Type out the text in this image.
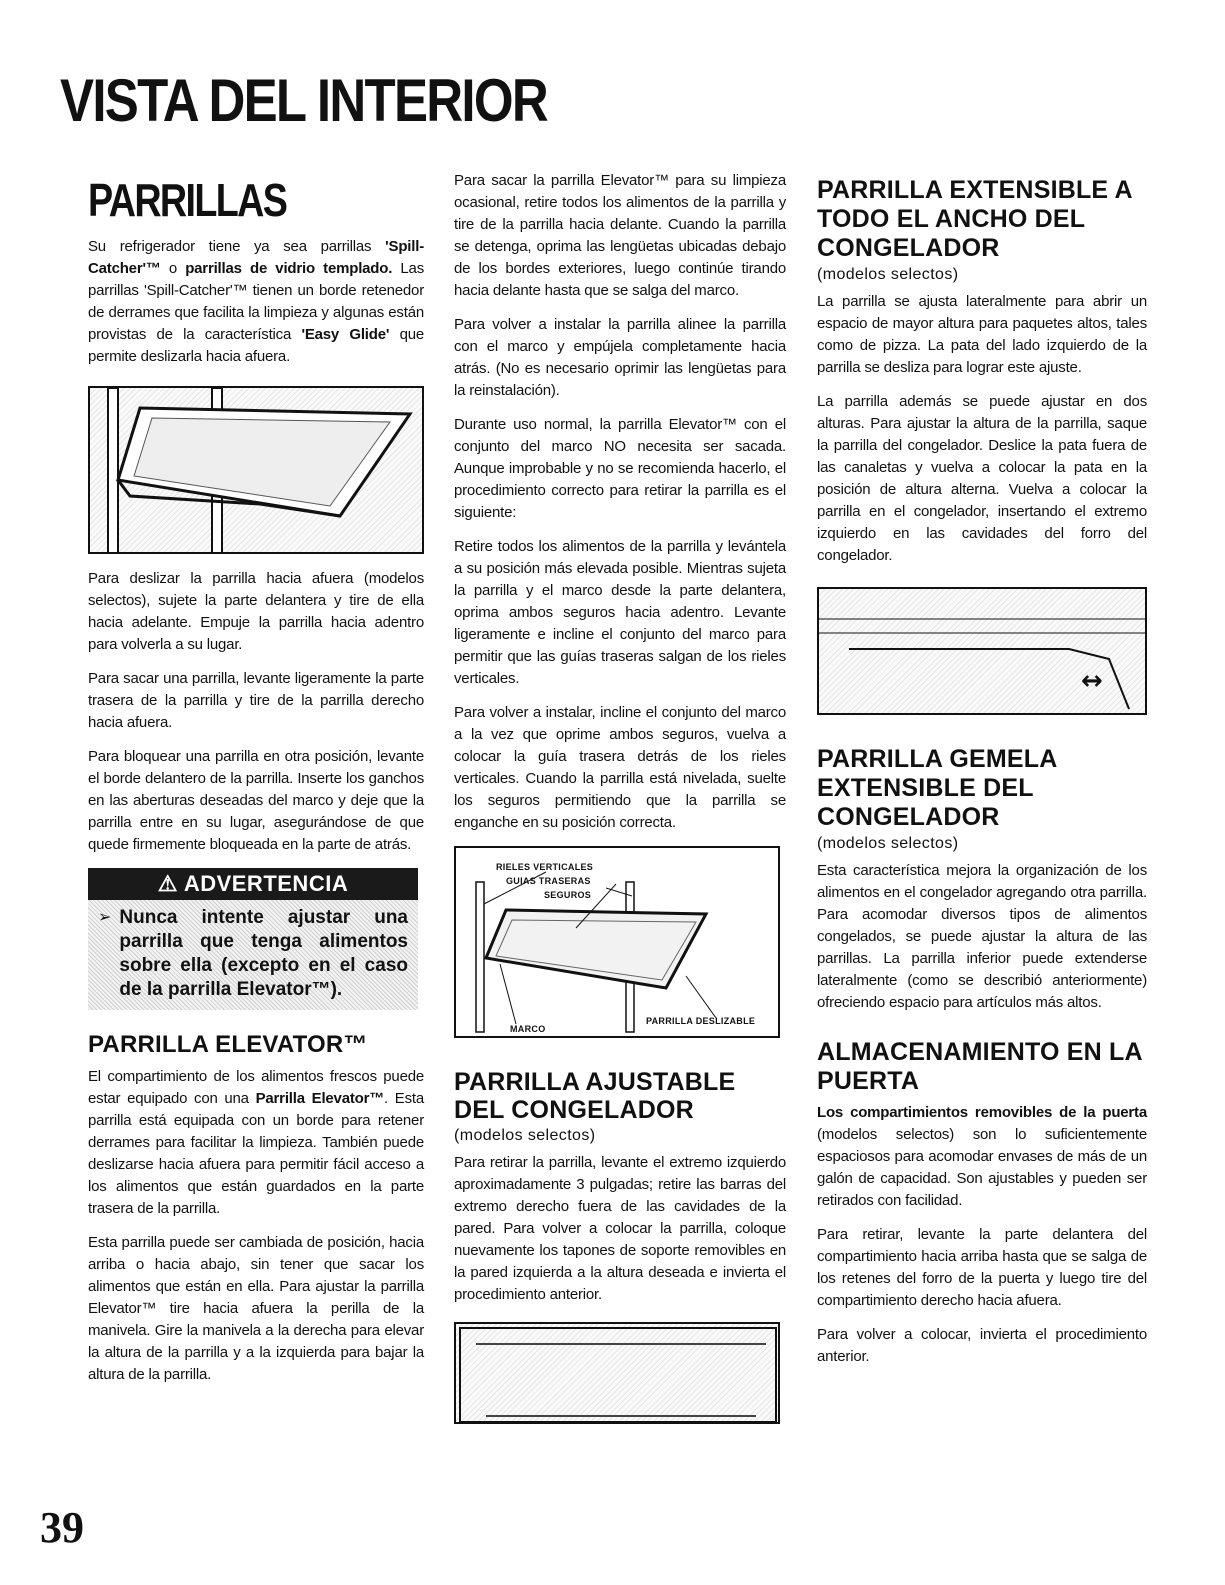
VISTA DEL INTERIOR
PARRILLAS

Su refrigerador tiene ya sea parrillas 'Spill-Catcher'™ o parrillas de vidrio templado. Las parrillas 'Spill-Catcher'™ tienen un borde retenedor de derrames que facilita la limpieza y algunas están provistas de la característica 'Easy Glide' que permite deslizarla hacia afuera.

Para deslizar la parrilla hacia afuera (modelos selectos), sujete la parte delantera y tire de ella hacia adelante. Empuje la parrilla hacia adentro para volverla a su lugar.

Para sacar una parrilla, levante ligeramente la parte trasera de la parrilla y tire de la parrilla derecho hacia afuera.

Para bloquear una parrilla en otra posición, levante el borde delantero de la parrilla. Inserte los ganchos en las aberturas deseadas del marco y deje que la parrilla entre en su lugar, asegurándose de que quede firmemente bloqueada en la parte de atrás.

⚠ ADVERTENCIA
➢ Nunca intente ajustar una parrilla que tenga alimentos sobre ella (excepto en el caso de la parrilla Elevator™).
PARRILLA ELEVATOR™

El compartimiento de los alimentos frescos puede estar equipado con una Parrilla Elevator™. Esta parrilla está equipada con un borde para retener derrames para facilitar la limpieza. También puede deslizarse hacia afuera para permitir fácil acceso a los alimentos que están guardados en la parte trasera de la parrilla.

Esta parrilla puede ser cambiada de posición, hacia arriba o hacia abajo, sin tener que sacar los alimentos que están en ella. Para ajustar la parrilla Elevator™ tire hacia afuera la perilla de la manivela. Gire la manivela a la derecha para elevar la altura de la parrilla y a la izquierda para bajar la altura de la parrilla.

Para sacar la parrilla Elevator™ para su limpieza ocasional, retire todos los alimentos de la parrilla y tire de la parrilla hacia delante. Cuando la parrilla se detenga, oprima las lengüetas ubicadas debajo de los bordes exteriores, luego continúe tirando hacia delante hasta que se salga del marco.

Para volver a instalar la parrilla alinee la parrilla con el marco y empújela completamente hacia atrás. (No es necesario oprimir las lengüetas para la reinstalación).

Durante uso normal, la parrilla Elevator™ con el conjunto del marco NO necesita ser sacada. Aunque improbable y no se recomienda hacerlo, el procedimiento correcto para retirar la parrilla es el siguiente:

Retire todos los alimentos de la parrilla y levántela a su posición más elevada posible. Mientras sujeta la parrilla y el marco desde la parte delantera, oprima ambos seguros hacia adentro. Levante ligeramente e incline el conjunto del marco para permitir que las guías traseras salgan de los rieles verticales.

Para volver a instalar, incline el conjunto del marco a la vez que oprime ambos seguros, vuelva a colocar la guía trasera detrás de los rieles verticales. Cuando la parrilla está nivelada, suelte los seguros permitiendo que la parrilla se enganche en su posición correcta.

RIELES VERTICALES
GUIAS TRASERAS
SEGUROS
MARCO
PARRILLA DESLIZABLE
PARRILLA AJUSTABLE DEL CONGELADOR
(modelos selectos)

Para retirar la parrilla, levante el extremo izquierdo aproximadamente 3 pulgadas; retire las barras del extremo derecho fuera de las cavidades de la pared. Para volver a colocar la parrilla, coloque nuevamente los tapones de soporte removibles en la pared izquierda a la altura deseada e invierta el procedimiento anterior.

PARRILLA EXTENSIBLE A TODO EL ANCHO DEL CONGELADOR
(modelos selectos)

La parrilla se ajusta lateralmente para abrir un espacio de mayor altura para paquetes altos, tales como de pizza. La pata del lado izquierdo de la parrilla se desliza para lograr este ajuste.

La parrilla además se puede ajustar en dos alturas. Para ajustar la altura de la parrilla, saque la parrilla del congelador. Deslice la pata fuera de las canaletas y vuelva a colocar la pata en la posición de altura alterna. Vuelva a colocar la parrilla en el congelador, insertando el extremo izquierdo en las cavidades del forro del congelador.

↔
PARRILLA GEMELA EXTENSIBLE DEL CONGELADOR
(modelos selectos)

Esta característica mejora la organización de los alimentos en el congelador agregando otra parrilla. Para acomodar diversos tipos de alimentos congelados, se puede ajustar la altura de las parrillas. La parrilla inferior puede extenderse lateralmente (como se describió anteriormente) ofreciendo espacio para artículos más altos.

ALMACENAMIENTO EN LA PUERTA

Los compartimientos removibles de la puerta (modelos selectos) son lo suficientemente espaciosos para acomodar envases de más de un galón de capacidad. Son ajustables y pueden ser retirados con facilidad.

Para retirar, levante la parte delantera del compartimiento hacia arriba hasta que se salga de los retenes del forro de la puerta y luego tire del compartimiento derecho hacia afuera.

Para volver a colocar, invierta el procedimiento anterior.

39
